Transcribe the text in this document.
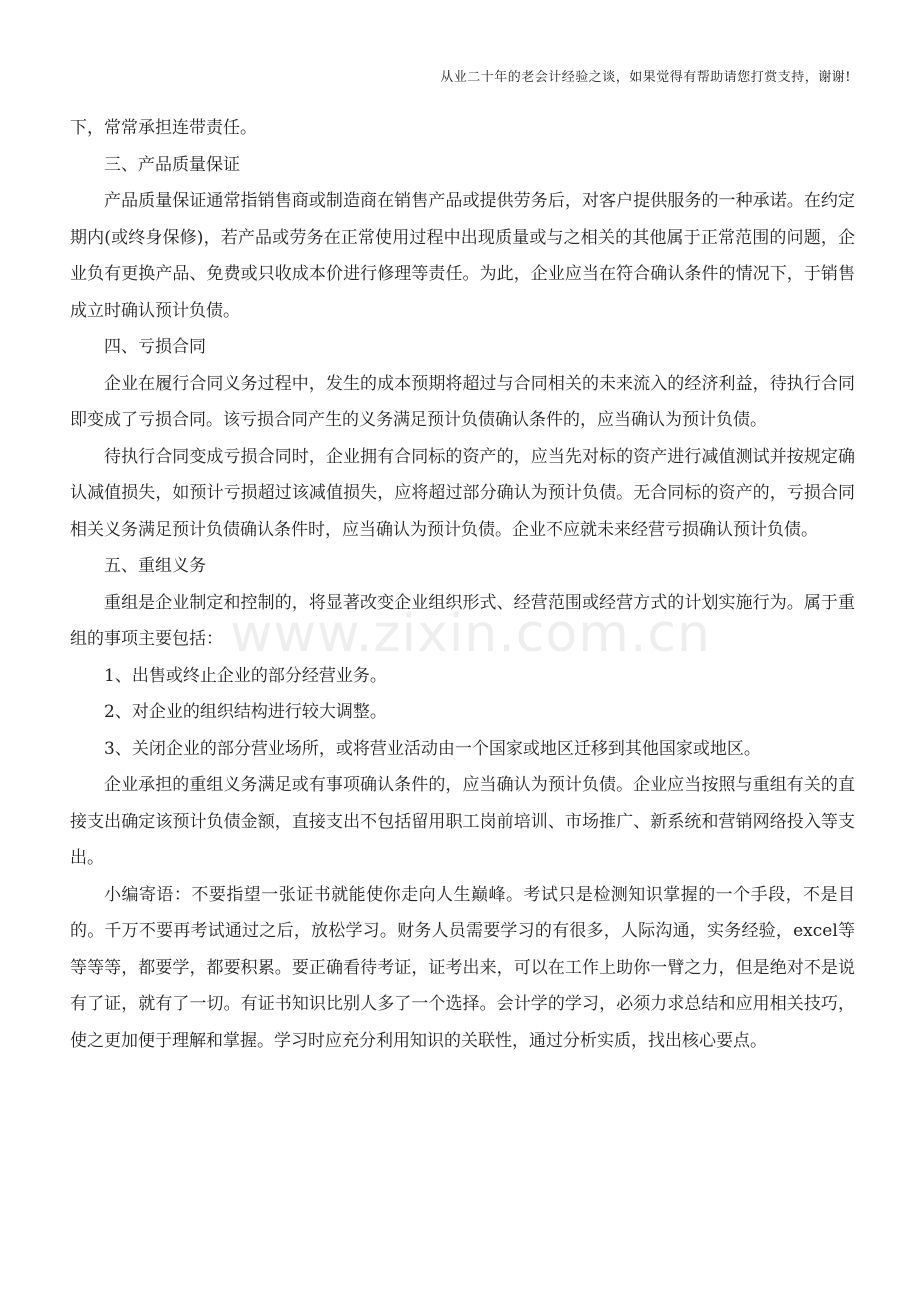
从业二十年的老会计经验之谈，如果觉得有帮助请您打赏支持，谢谢!
www.zixin.com.cn

下，常常承担连带责任。

三、产品质量保证

产品质量保证通常指销售商或制造商在销售产品或提供劳务后，对客户提供服务的一种承诺。在约定期内(或终身保修)，若产品或劳务在正常使用过程中出现质量或与之相关的其他属于正常范围的问题，企业负有更换产品、免费或只收成本价进行修理等责任。为此，企业应当在符合确认条件的情况下，于销售成立时确认预计负债。

四、亏损合同

企业在履行合同义务过程中，发生的成本预期将超过与合同相关的未来流入的经济利益，待执行合同即变成了亏损合同。该亏损合同产生的义务满足预计负债确认条件的，应当确认为预计负债。

待执行合同变成亏损合同时，企业拥有合同标的资产的，应当先对标的资产进行减值测试并按规定确认减值损失，如预计亏损超过该减值损失，应将超过部分确认为预计负债。无合同标的资产的，亏损合同相关义务满足预计负债确认条件时，应当确认为预计负债。企业不应就未来经营亏损确认预计负债。

五、重组义务

重组是企业制定和控制的，将显著改变企业组织形式、经营范围或经营方式的计划实施行为。属于重组的事项主要包括：

1、出售或终止企业的部分经营业务。

2、对企业的组织结构进行较大调整。

3、关闭企业的部分营业场所，或将营业活动由一个国家或地区迁移到其他国家或地区。

企业承担的重组义务满足或有事项确认条件的，应当确认为预计负债。企业应当按照与重组有关的直接支出确定该预计负债金额，直接支出不包括留用职工岗前培训、市场推广、新系统和营销网络投入等支出。

小编寄语：不要指望一张证书就能使你走向人生巅峰。考试只是检测知识掌握的一个手段，不是目的。千万不要再考试通过之后，放松学习。财务人员需要学习的有很多，人际沟通，实务经验，excel等等等等，都要学，都要积累。要正确看待考证，证考出来，可以在工作上助你一臂之力，但是绝对不是说有了证，就有了一切。有证书知识比别人多了一个选择。会计学的学习，必须力求总结和应用相关技巧，使之更加便于理解和掌握。学习时应充分利用知识的关联性，通过分析实质，找出核心要点。
